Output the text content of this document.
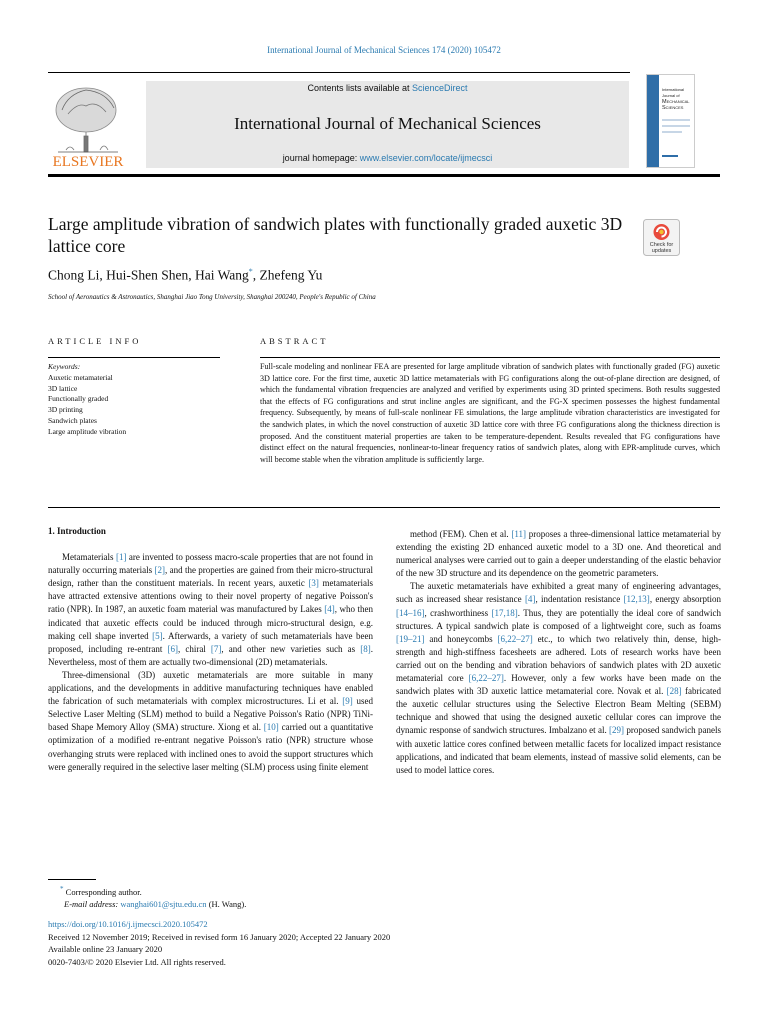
International Journal of Mechanical Sciences 174 (2020) 105472
ELSEVIER
Contents lists available at ScienceDirect
International Journal of Mechanical Sciences
journal homepage: www.elsevier.com/locate/ijmecsci
International Journal of
Mechanical
Sciences
Large amplitude vibration of sandwich plates with functionally graded auxetic 3D lattice core	Check for
updates
Chong Li, Hui-Shen Shen, Hai Wang*, Zhefeng Yu
School of Aeronautics & Astronautics, Shanghai Jiao Tong University, Shanghai 200240, People's Republic of China
ARTICLE INFO	ABSTRACT
Keywords:
Auxetic metamaterial
3D lattice
Functionally graded
3D printing
Sandwich plates
Large amplitude vibration
Full-scale modeling and nonlinear FEA are presented for large amplitude vibration of sandwich plates with functionally graded (FG) auxetic 3D lattice core. For the first time, auxetic 3D lattice metamaterials with FG configurations along the out-of-plane direction are designed, of which the fundamental vibration frequencies are analyzed and verified by experiments using 3D printed specimens. Both results suggested that the effects of FG configurations and strut incline angles are significant, and the FG-X specimen possesses the highest fundamental frequency. Subsequently, by means of full-scale nonlinear FE simulations, the large amplitude vibration characteristics are investigated for the sandwich plates, in which the novel construction of auxetic 3D lattice core with three FG configurations along the thickness direction is proposed. And the constituent material properties are taken to be temperature-dependent. Results revealed that FG configurations have distinct effect on the natural frequencies, nonlinear-to-linear frequency ratios of sandwich plates, along with EPR-amplitude curves, which will become stable when the vibration amplitude is sufficiently large.
1. Introduction

Metamaterials [1] are invented to possess macro-scale properties that are not found in naturally occurring materials [2], and the properties are gained from their micro-structural design, rather than the constituent materials. In recent years, auxetic [3] metamaterials have attracted extensive attentions owing to their novel property of negative Poisson's ratio (NPR). In 1987, an auxetic foam material was manufactured by Lakes [4], who then indicated that auxetic effects could be induced through micro-structural design, e.g. making cell shape inverted [5]. Afterwards, a variety of such metamaterials have been proposed, including re-entrant [6], chiral [7], and other new varieties such as [8]. Nevertheless, most of them are actually two-dimensional (2D) metamaterials.

Three-dimensional (3D) auxetic metamaterials are more suitable in many applications, and the developments in additive manufacturing techniques have enabled the fabrication of such metamaterials with complex microstructures. Li et al. [9] used Selective Laser Melting (SLM) method to build a Negative Poisson's Ratio (NPR) TiNi-based Shape Memory Alloy (SMA) structure. Xiong et al. [10] carried out a quantitative optimization of a modified re-entrant negative Poisson's ratio (NPR) structure whose overhanging struts were replaced with inclined ones to avoid the support structures which were generally required in the selective laser melting (SLM) process using finite element

method (FEM). Chen et al. [11] proposes a three-dimensional lattice metamaterial by extending the existing 2D enhanced auxetic model to a 3D one. And theoretical and numerical analyses were carried out to gain a deeper understanding of the elastic behavior of the new 3D structure and its dependence on the geometric parameters.

The auxetic metamaterials have exhibited a great many of engineering advantages, such as increased shear resistance [4], indentation resistance [12,13], energy absorption [14–16], crashworthiness [17,18]. Thus, they are potentially the ideal core of sandwich structures. A typical sandwich plate is composed of a lightweight core, such as foams [19–21] and honeycombs [6,22–27] etc., to which two relatively thin, dense, high-strength and high-stiffness facesheets are adhered. Lots of research works have been carried out on the bending and vibration behaviors of sandwich plates with 2D auxetic metamaterial core [6,22–27]. However, only a few works have been made on the sandwich plates with 3D auxetic lattice metamaterial core. Novak et al. [28] fabricated the auxetic cellular structures using the Selective Electron Beam Melting (SEBM) technique and showed that using the designed auxetic cellular cores can improve the dynamic response of sandwich structures. Imbalzano et al. [29] proposed sandwich panels with auxetic lattice cores confined between metallic facets for localized impact resistance applications, and indicated that beam elements, instead of massive solid elements, can be used to model lattice cores.

* Corresponding author.
E-mail address: wanghai601@sjtu.edu.cn (H. Wang).
https://doi.org/10.1016/j.ijmecsci.2020.105472
Received 12 November 2019; Received in revised form 16 January 2020; Accepted 22 January 2020
Available online 23 January 2020
0020-7403/© 2020 Elsevier Ltd. All rights reserved.
